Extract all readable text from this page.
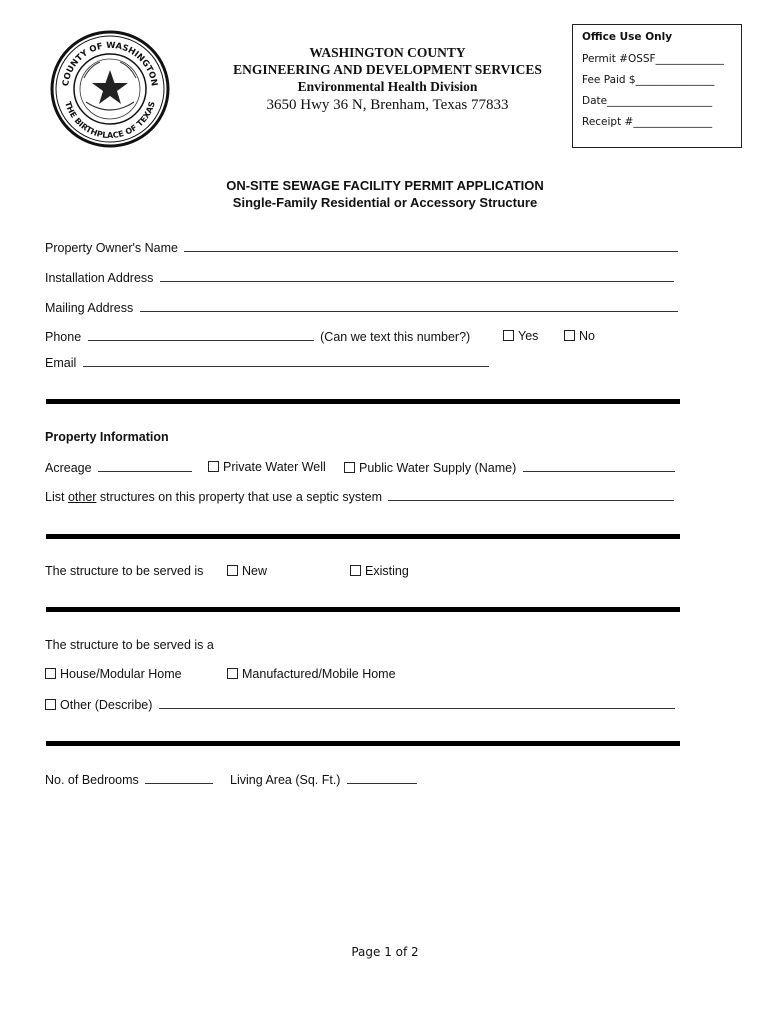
COUNTY OF WASHINGTON
THE BIRTHPLACE OF TEXAS
WASHINGTON COUNTY
ENGINEERING AND DEVELOPMENT SERVICES
Environmental Health Division
3650 Hwy 36 N, Brenham, Texas 77833
Office Use Only
Permit #OSSF_____________
Fee Paid $_______________
Date____________________
Receipt #_______________
ON-SITE SEWAGE FACILITY PERMIT APPLICATION
Single-Family Residential or Accessory Structure
Property Owner's Name
Installation Address
Mailing Address
Phone	(Can we text this number?)	Yes	No
Email
Property Information
Acreage	Private Water Well	Public Water Supply (Name)
List other structures on this property that use a septic system
The structure to be served is	New	Existing
The structure to be served is a
House/Modular Home	Manufactured/Mobile Home
Other (Describe)
No. of Bedrooms	Living Area (Sq. Ft.)
Page 1 of 2
